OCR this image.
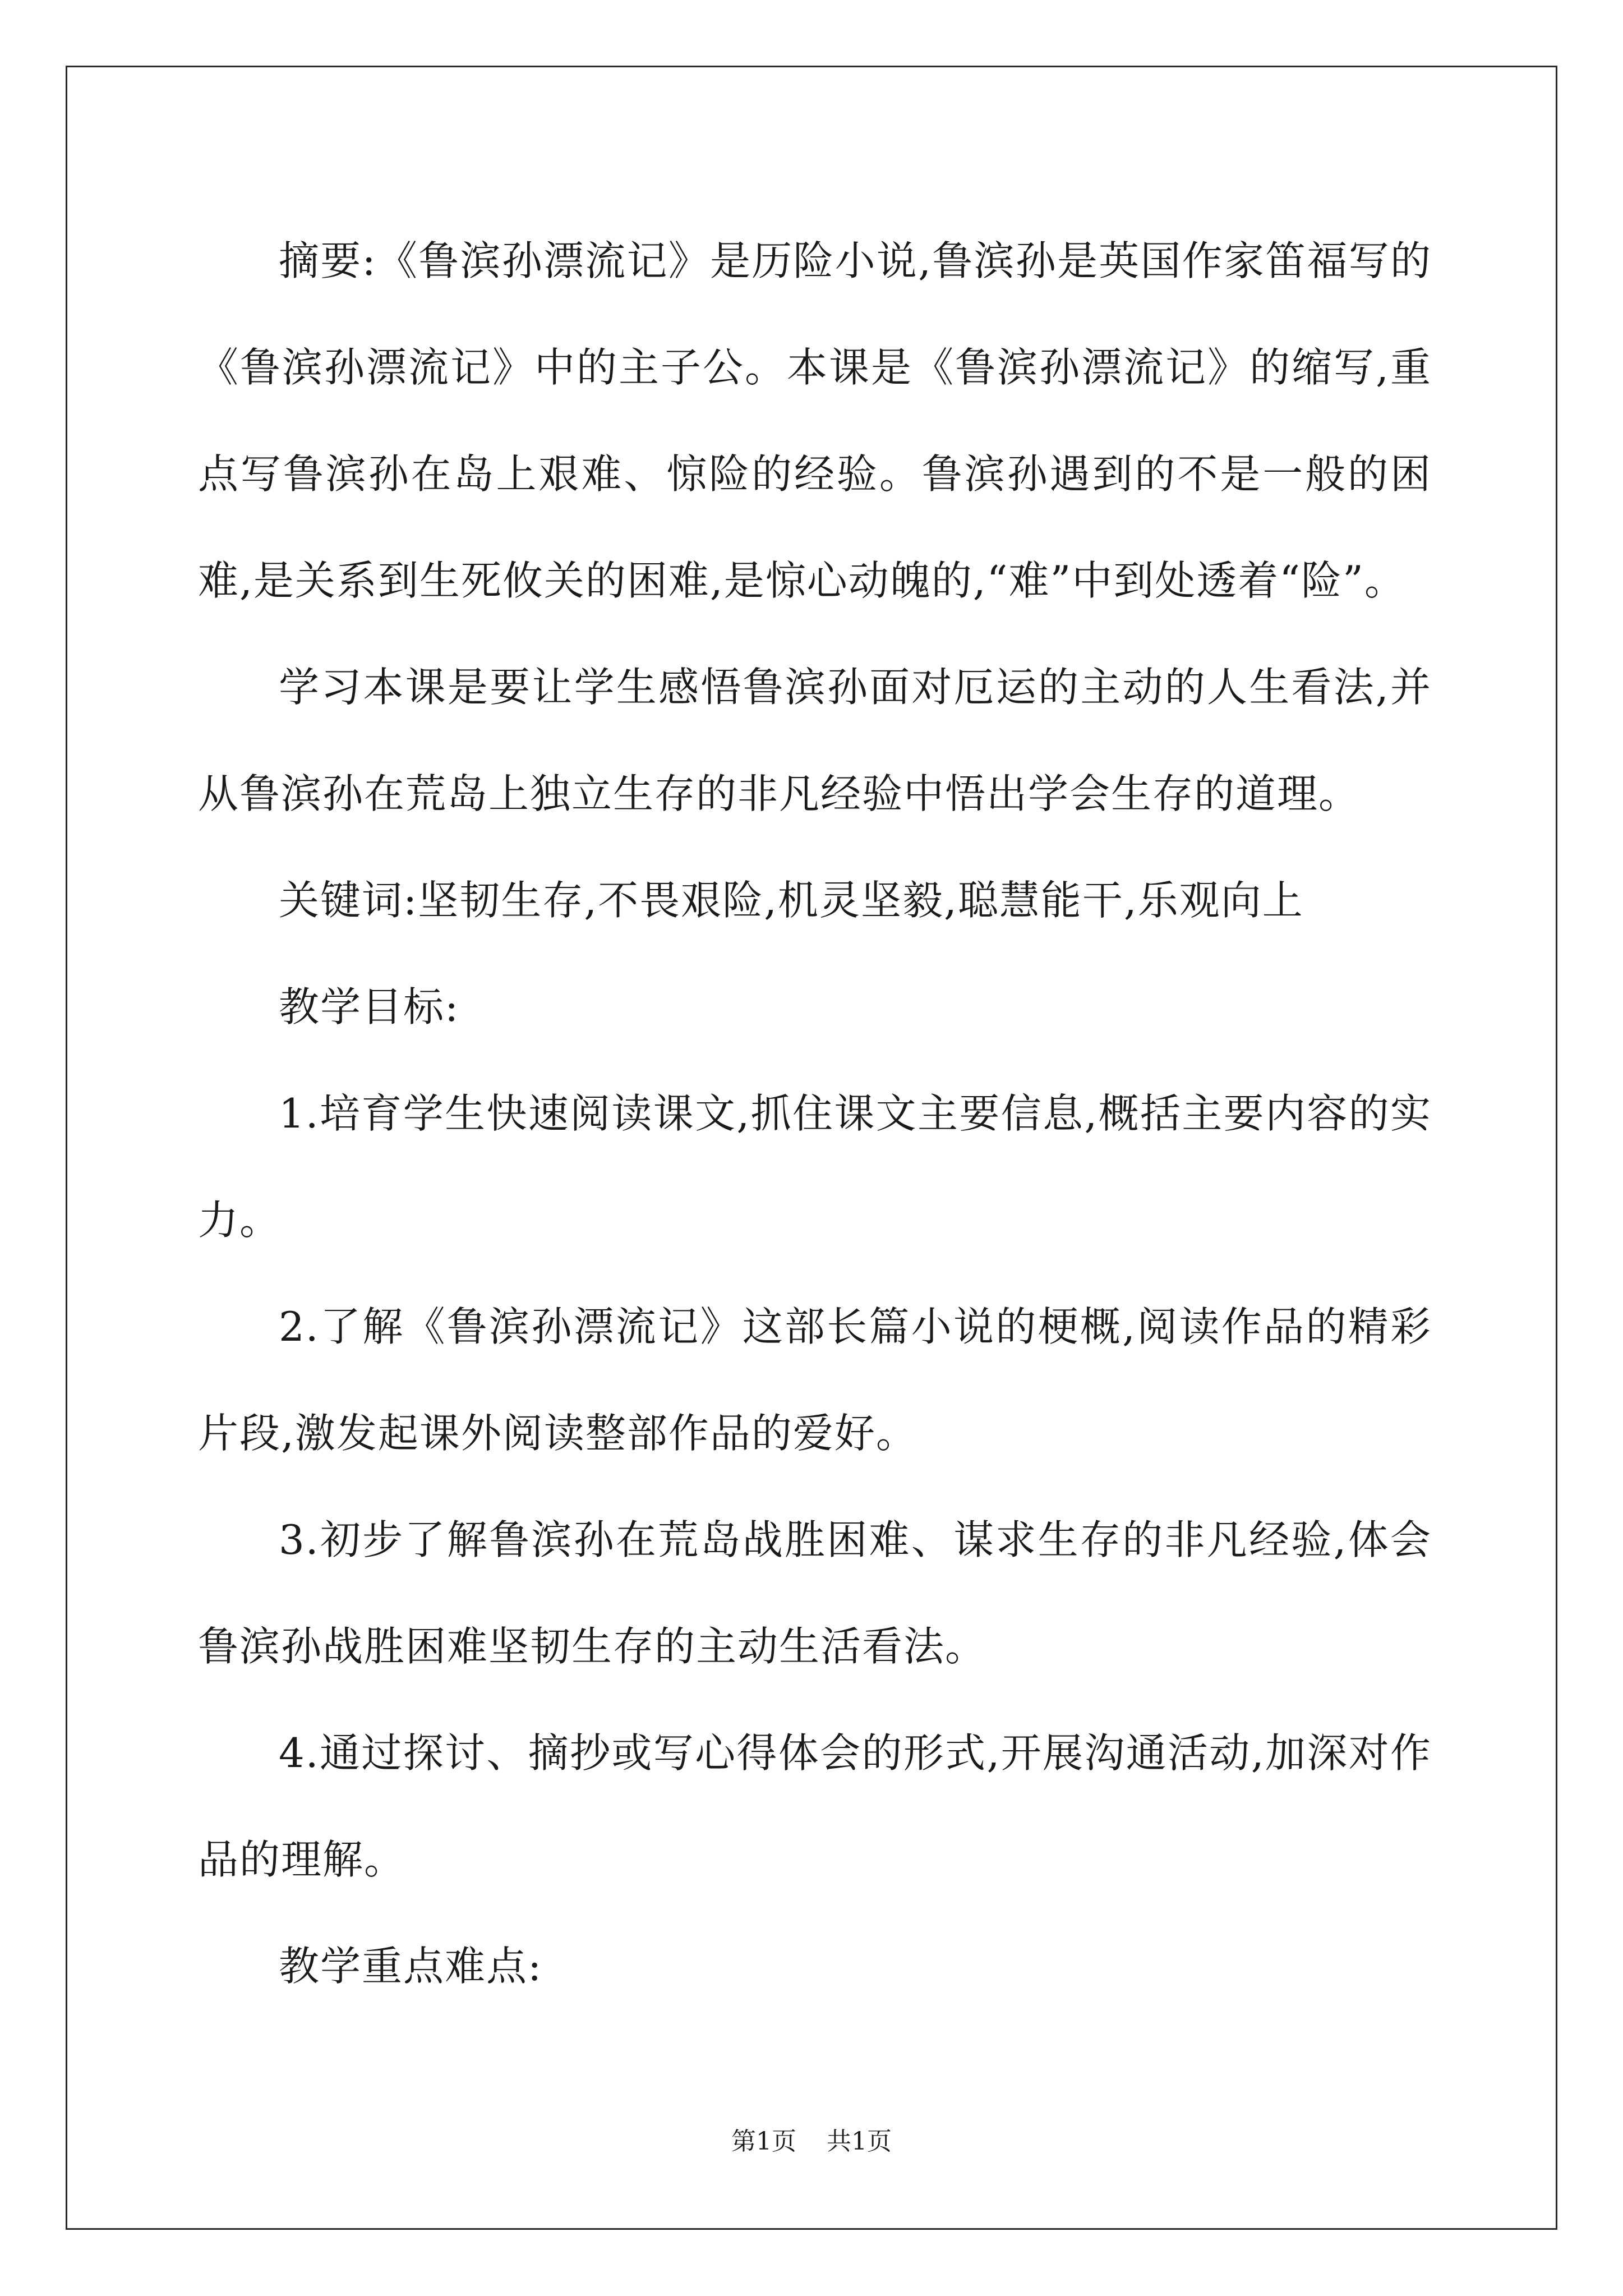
摘要:《鲁滨孙漂流记》是历险小说,鲁滨孙是英国作家笛福写的《鲁滨孙漂流记》中的主子公。本课是《鲁滨孙漂流记》的缩写,重点写鲁滨孙在岛上艰难、惊险的经验。鲁滨孙遇到的不是一般的困难,是关系到生死攸关的困难,是惊心动魄的,“难”中到处透着“险”。

学习本课是要让学生感悟鲁滨孙面对厄运的主动的人生看法,并从鲁滨孙在荒岛上独立生存的非凡经验中悟出学会生存的道理。

关键词:坚韧生存,不畏艰险,机灵坚毅,聪慧能干,乐观向上

教学目标:

1.培育学生快速阅读课文,抓住课文主要信息,概括主要内容的实力。

2.了解《鲁滨孙漂流记》这部长篇小说的梗概,阅读作品的精彩片段,激发起课外阅读整部作品的爱好。

3.初步了解鲁滨孙在荒岛战胜困难、谋求生存的非凡经验,体会鲁滨孙战胜困难坚韧生存的主动生活看法。

4.通过探讨、摘抄或写心得体会的形式,开展沟通活动,加深对作品的理解。

教学重点难点:

第1页 共1页
